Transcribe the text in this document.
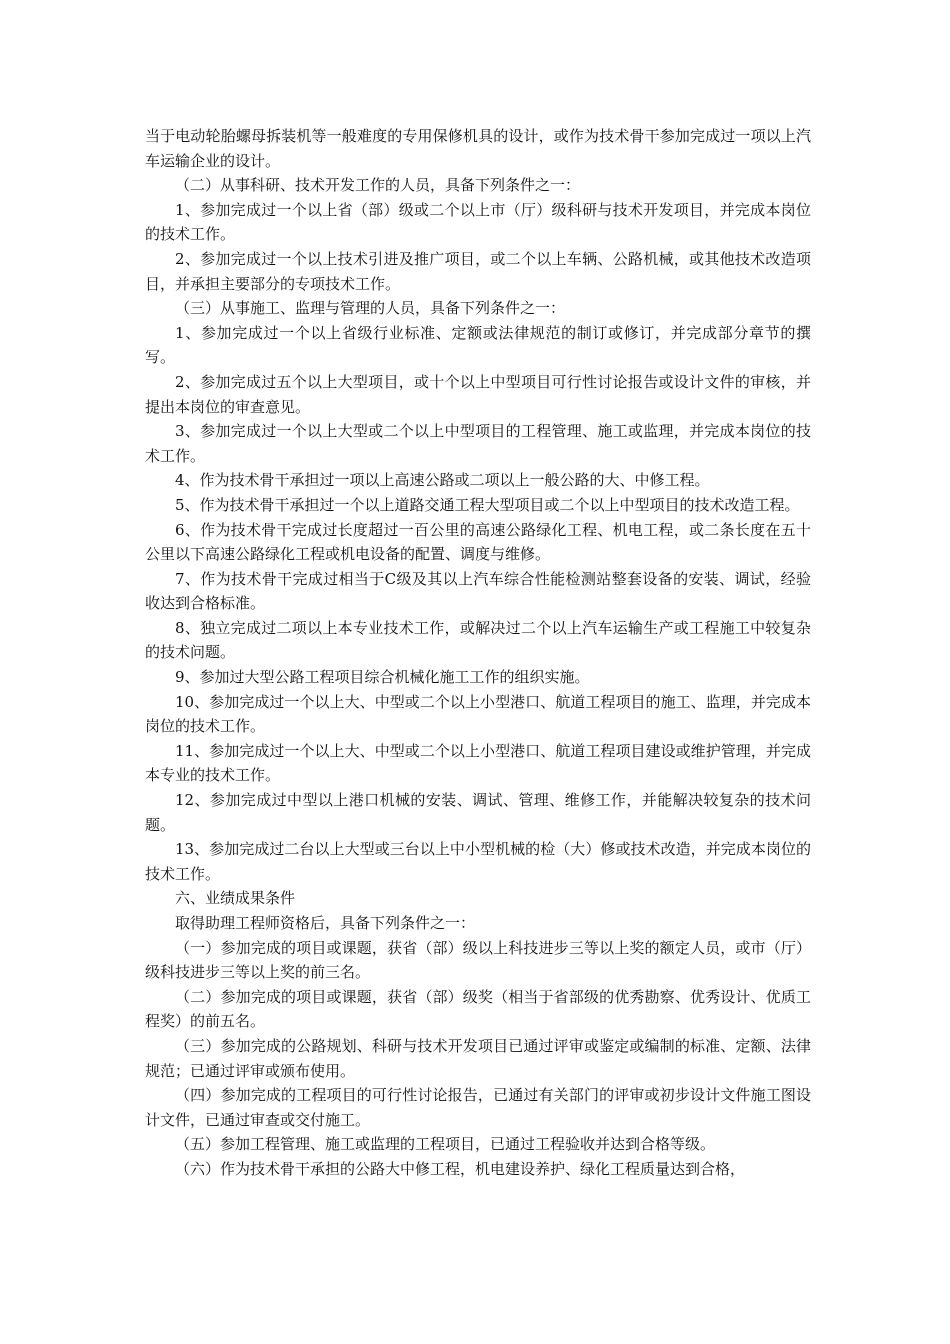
当于电动轮胎螺母拆装机等一般难度的专用保修机具的设计，或作为技术骨干参加完成过一项以上汽车运输企业的设计。

（二）从事科研、技术开发工作的人员，具备下列条件之一：

1、参加完成过一个以上省（部）级或二个以上市（厅）级科研与技术开发项目，并完成本岗位的技术工作。

2、参加完成过一个以上技术引进及推广项目，或二个以上车辆、公路机械，或其他技术改造项目，并承担主要部分的专项技术工作。

（三）从事施工、监理与管理的人员，具备下列条件之一：

1、参加完成过一个以上省级行业标准、定额或法律规范的制订或修订，并完成部分章节的撰写。

2、参加完成过五个以上大型项目，或十个以上中型项目可行性讨论报告或设计文件的审核，并提出本岗位的审查意见。

3、参加完成过一个以上大型或二个以上中型项目的工程管理、施工或监理，并完成本岗位的技术工作。

4、作为技术骨干承担过一项以上高速公路或二项以上一般公路的大、中修工程。

5、作为技术骨干承担过一个以上道路交通工程大型项目或二个以上中型项目的技术改造工程。

6、作为技术骨干完成过长度超过一百公里的高速公路绿化工程、机电工程，或二条长度在五十公里以下高速公路绿化工程或机电设备的配置、调度与维修。

7、作为技术骨干完成过相当于C级及其以上汽车综合性能检测站整套设备的安装、调试，经验收达到合格标准。

8、独立完成过二项以上本专业技术工作，或解决过二个以上汽车运输生产或工程施工中较复杂的技术问题。

9、参加过大型公路工程项目综合机械化施工工作的组织实施。

10、参加完成过一个以上大、中型或二个以上小型港口、航道工程项目的施工、监理，并完成本岗位的技术工作。

11、参加完成过一个以上大、中型或二个以上小型港口、航道工程项目建设或维护管理，并完成本专业的技术工作。

12、参加完成过中型以上港口机械的安装、调试、管理、维修工作，并能解决较复杂的技术问题。

13、参加完成过二台以上大型或三台以上中小型机械的检（大）修或技术改造，并完成本岗位的技术工作。

六、业绩成果条件

取得助理工程师资格后，具备下列条件之一：

（一）参加完成的项目或课题，获省（部）级以上科技进步三等以上奖的额定人员，或市（厅）级科技进步三等以上奖的前三名。

（二）参加完成的项目或课题，获省（部）级奖（相当于省部级的优秀勘察、优秀设计、优质工程奖）的前五名。

（三）参加完成的公路规划、科研与技术开发项目已通过评审或鉴定或编制的标准、定额、法律规范；已通过评审或颁布使用。

（四）参加完成的工程项目的可行性讨论报告，已通过有关部门的评审或初步设计文件施工图设计文件，已通过审查或交付施工。

（五）参加工程管理、施工或监理的工程项目，已通过工程验收并达到合格等级。

（六）作为技术骨干承担的公路大中修工程，机电建设养护、绿化工程质量达到合格，
